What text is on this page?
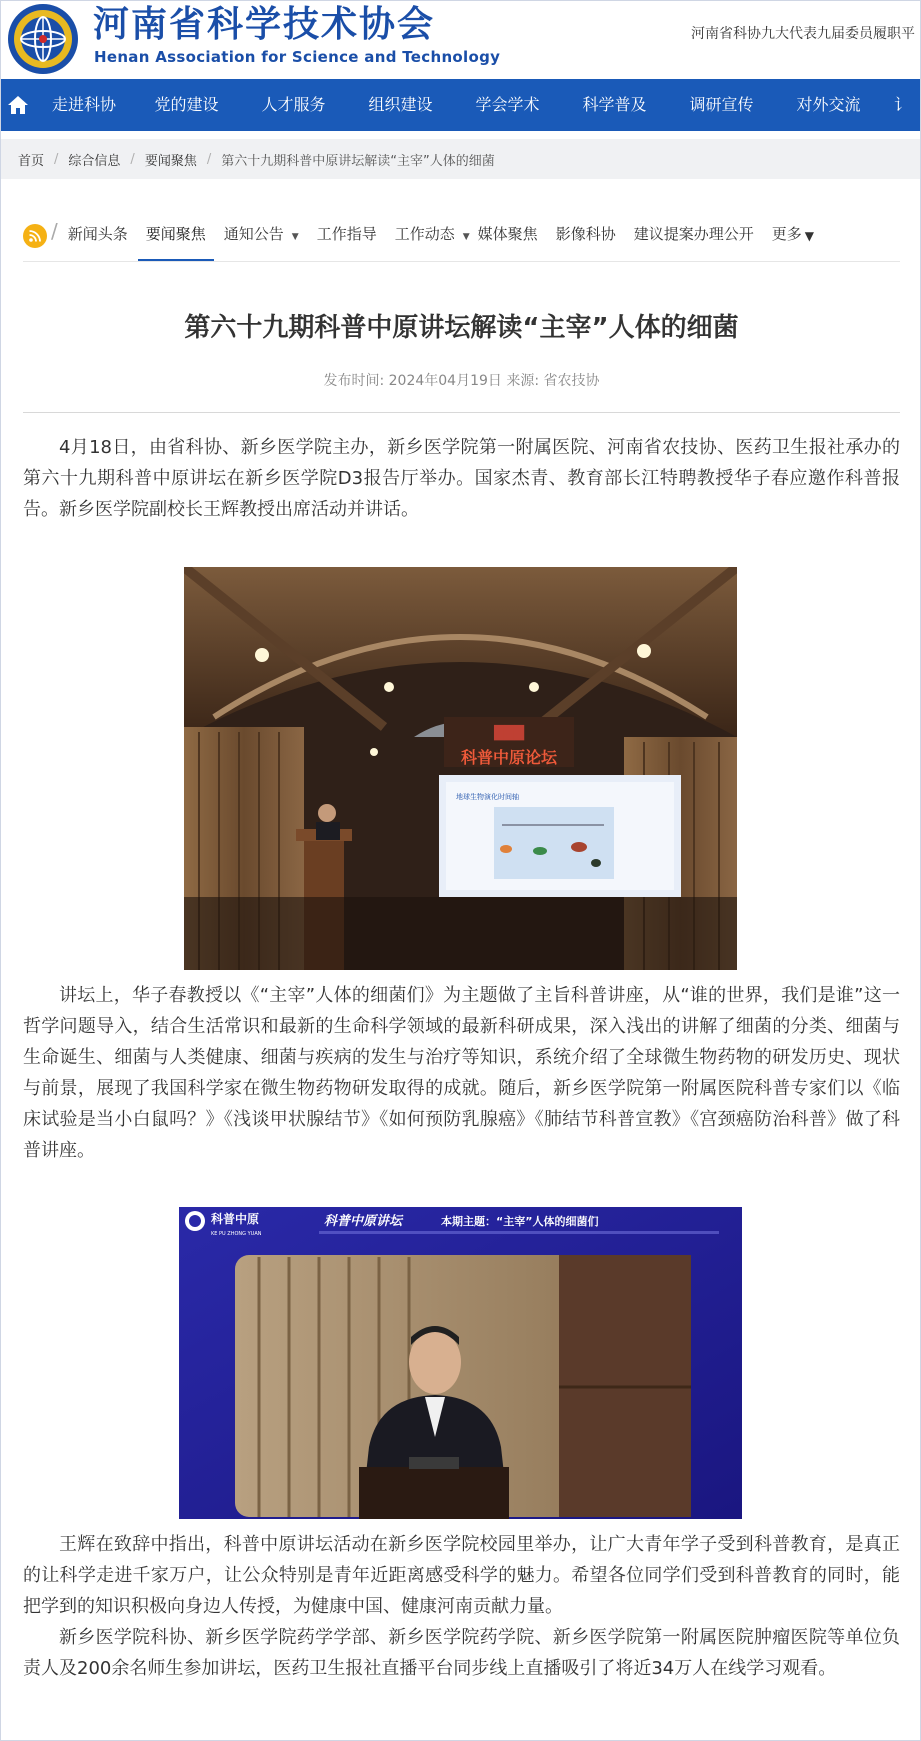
河南省科学技术协会
Henan Association for Science and Technology
河南省科协九大代表九届委员履职平
走进科协	党的建设	人才服务	组织建设	学会学术	科学普及	调研宣传	对外交流	讠
首页 / 综合信息 / 要闻聚焦 / 第六十九期科普中原讲坛解读“主宰”人体的细菌
/ 新闻头条	要闻聚焦	通知公告 ▼ 工作指导 工作动态 ▼ 媒体聚焦 影像科协 建议提案办理公开 更多 ▼
第六十九期科普中原讲坛解读“主宰”人体的细菌
发布时间: 2024年04月19日 来源: 省农技协

4月18日，由省科协、新乡医学院主办，新乡医学院第一附属医院、河南省农技协、医药卫生报社承办的第六十九期科普中原讲坛在新乡医学院D3报告厅举办。国家杰青、教育部长江特聘教授华子春应邀作科普报告。新乡医学院副校长王辉教授出席活动并讲话。

███
科普中原论坛
地球生物演化时间轴

讲坛上，华子春教授以《“主宰”人体的细菌们》为主题做了主旨科普讲座，从“谁的世界，我们是谁”这一哲学问题导入，结合生活常识和最新的生命科学领域的最新科研成果，深入浅出的讲解了细菌的分类、细菌与生命诞生、细菌与人类健康、细菌与疾病的发生与治疗等知识，系统介绍了全球微生物药物的研发历史、现状与前景，展现了我国科学家在微生物药物研发取得的成就。随后，新乡医学院第一附属医院科普专家们以《临床试验是当小白鼠吗？》《浅谈甲状腺结节》《如何预防乳腺癌》《肺结节科普宣教》《宫颈癌防治科普》做了科普讲座。

科普中原
KE PU ZHONG YUAN
科普中原讲坛	本期主题：“主宰”人体的细菌们

王辉在致辞中指出，科普中原讲坛活动在新乡医学院校园里举办，让广大青年学子受到科普教育，是真正的让科学走进千家万户，让公众特别是青年近距离感受科学的魅力。希望各位同学们受到科普教育的同时，能把学到的知识积极向身边人传授，为健康中国、健康河南贡献力量。

新乡医学院科协、新乡医学院药学学部、新乡医学院药学院、新乡医学院第一附属医院肿瘤医院等单位负责人及200余名师生参加讲坛，医药卫生报社直播平台同步线上直播吸引了将近34万人在线学习观看。
